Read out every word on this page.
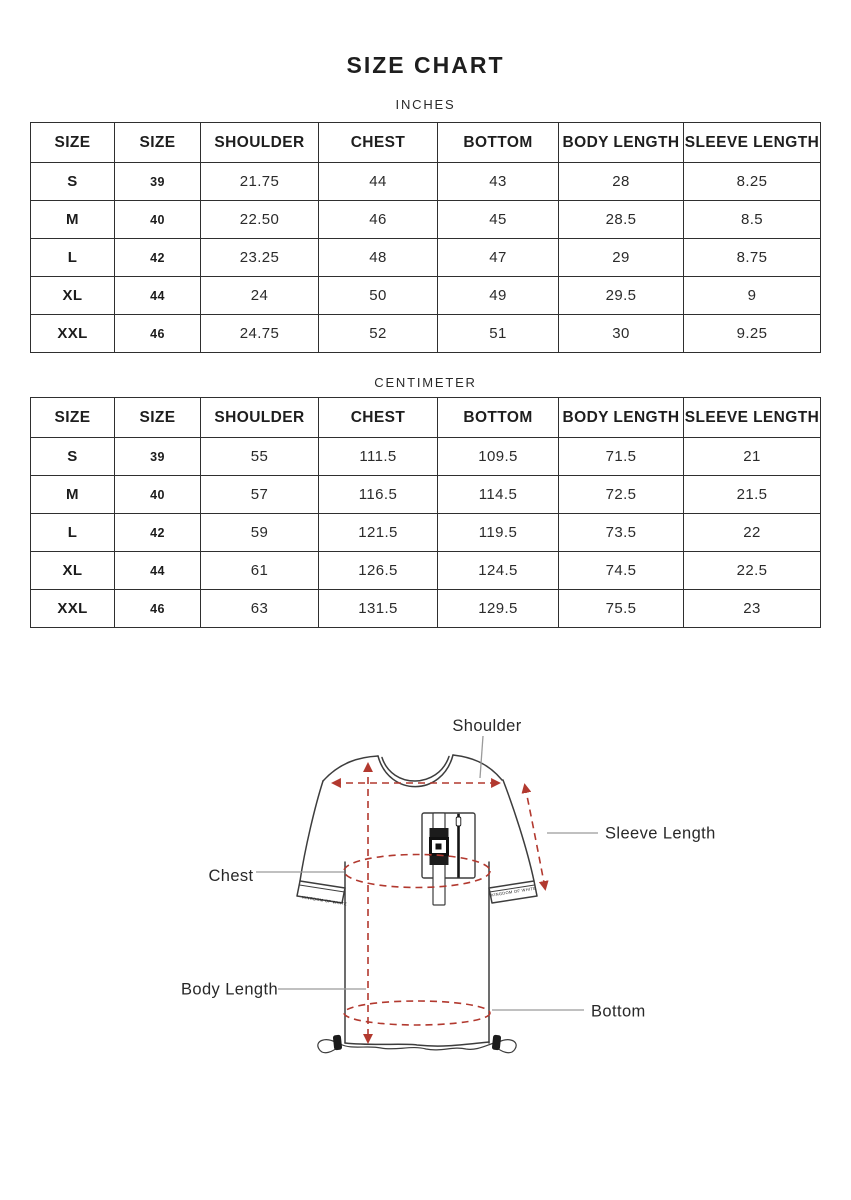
SIZE CHART
INCHES
SIZE	SIZE	SHOULDER	CHEST	BOTTOM	BODY LENGTH	SLEEVE LENGTH
S	39	21.75	44	43	28	8.25
M	40	22.50	46	45	28.5	8.5
L	42	23.25	48	47	29	8.75
XL	44	24	50	49	29.5	9
XXL	46	24.75	52	51	30	9.25
CENTIMETER
SIZE	SIZE	SHOULDER	CHEST	BOTTOM	BODY LENGTH	SLEEVE LENGTH
S	39	55	111.5	109.5	71.5	21
M	40	57	116.5	114.5	72.5	21.5
L	42	59	121.5	119.5	73.5	22
XL	44	61	126.5	124.5	74.5	22.5
XXL	46	63	131.5	129.5	75.5	23
KINGDOM OF WHITE
KINGDOM OF WHITE
Shoulder
Sleeve Length
Chest
Body Length
Bottom
